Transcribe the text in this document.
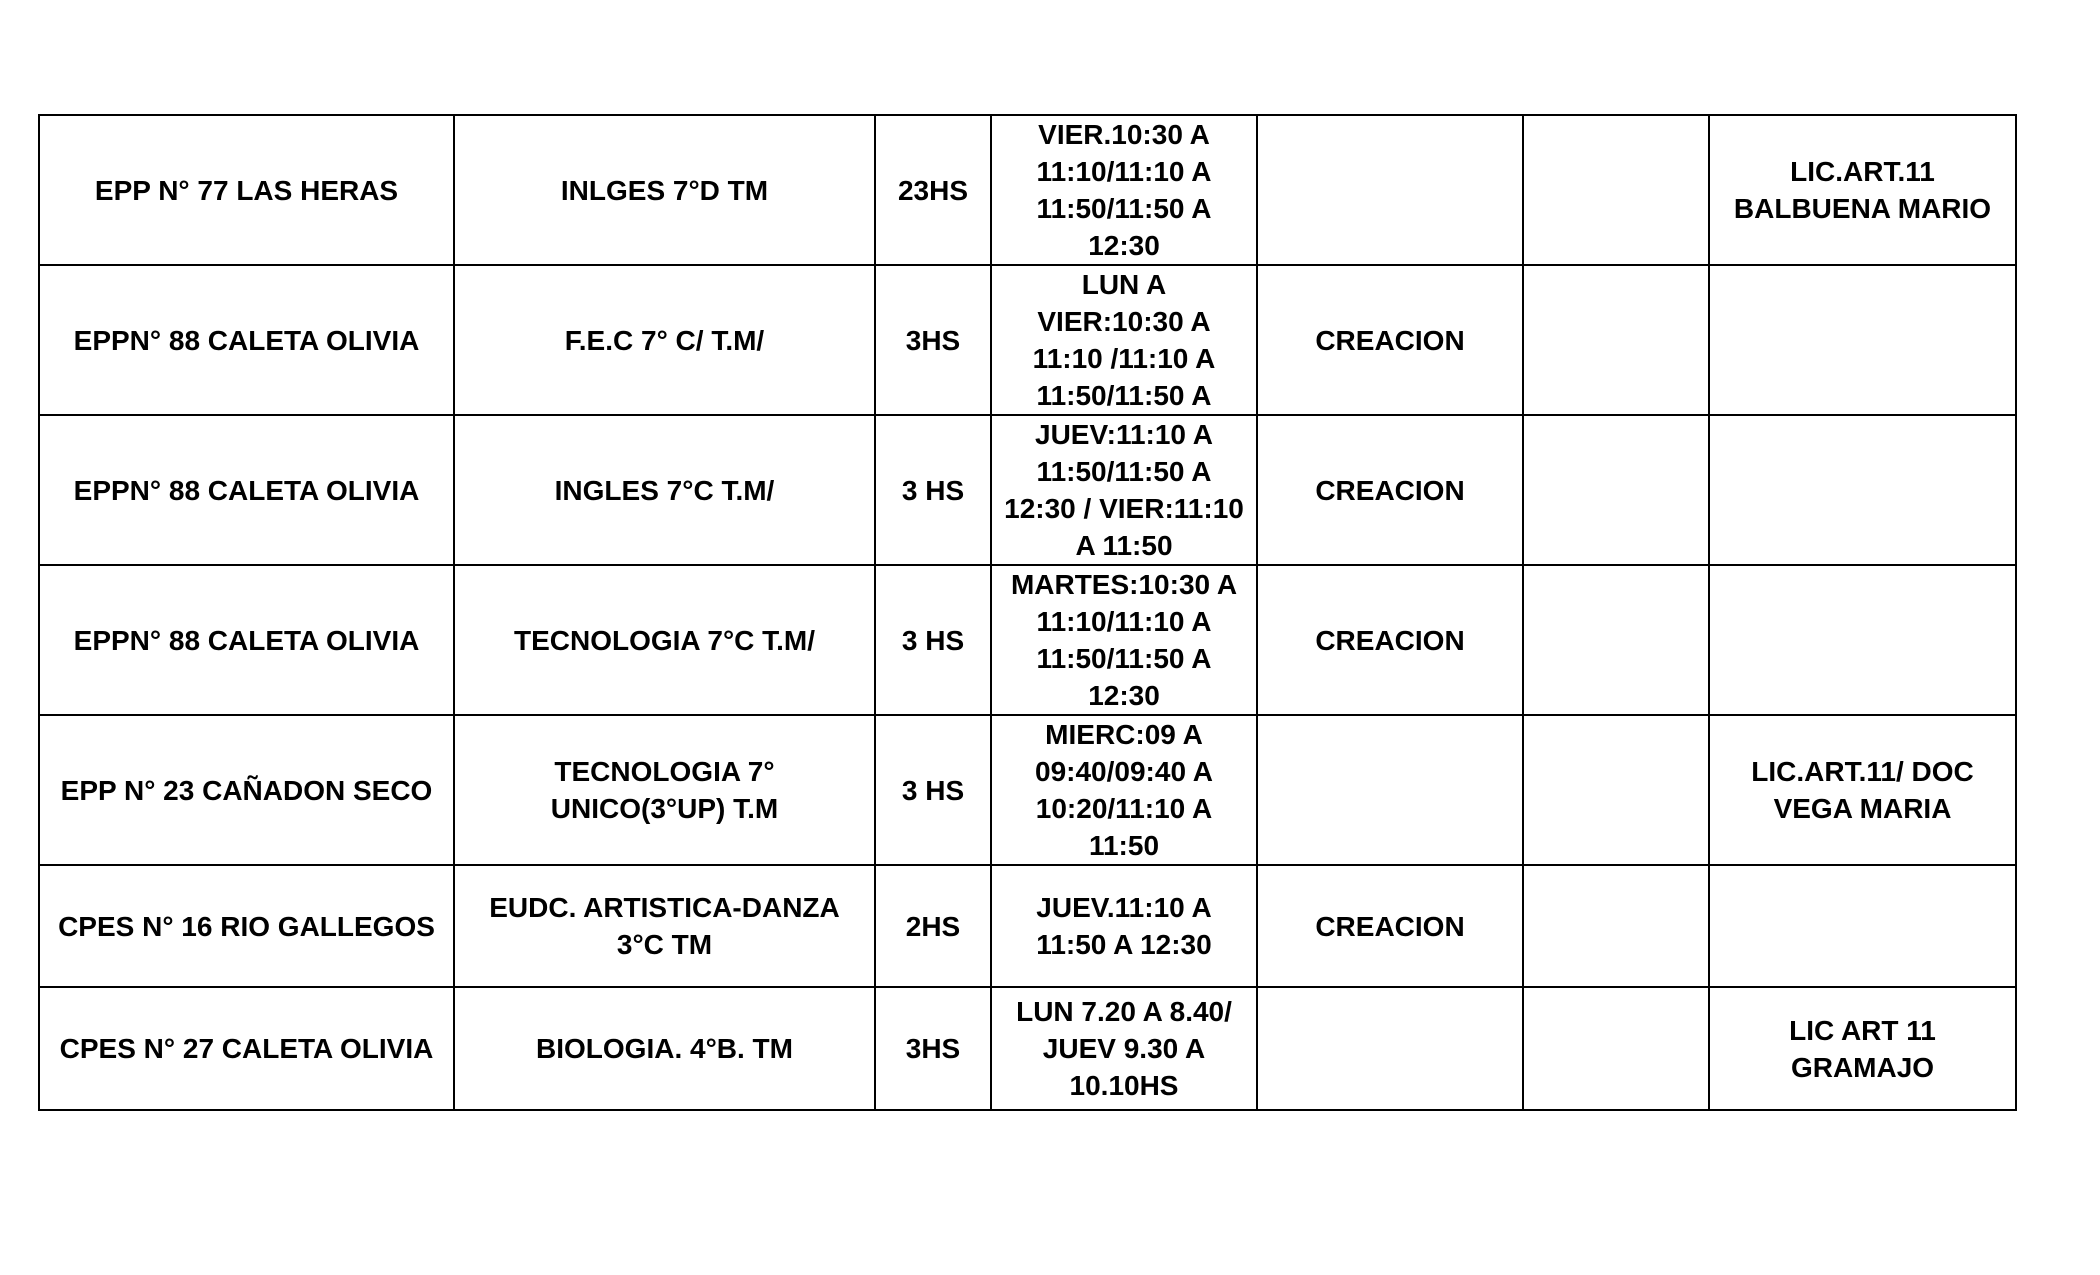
EPP N° 77 LAS HERAS	INLGES 7°D TM	23HS	VIER.10:30 A
11:10/11:10 A
11:50/11:50 A
12:30			LIC.ART.11
BALBUENA MARIO
EPPN° 88 CALETA OLIVIA	F.E.C 7° C/ T.M/	3HS	LUN A
VIER:10:30 A
11:10 /11:10 A
11:50/11:50 A	CREACION		
EPPN° 88 CALETA OLIVIA	INGLES 7°C T.M/	3 HS	JUEV:11:10 A
11:50/11:50 A
12:30 / VIER:11:10
A 11:50	CREACION		
EPPN° 88 CALETA OLIVIA	TECNOLOGIA 7°C T.M/	3 HS	MARTES:10:30 A
11:10/11:10 A
11:50/11:50 A
12:30	CREACION		
EPP N° 23 CAÑADON SECO	TECNOLOGIA 7°
UNICO(3°UP) T.M	3 HS	MIERC:09 A
09:40/09:40 A
10:20/11:10 A
11:50			LIC.ART.11/ DOC
VEGA MARIA
CPES N° 16 RIO GALLEGOS	EUDC. ARTISTICA-DANZA
3°C TM	2HS	JUEV.11:10 A
11:50 A 12:30	CREACION		
CPES N° 27 CALETA OLIVIA	BIOLOGIA. 4°B. TM	3HS	LUN 7.20 A 8.40/
JUEV 9.30 A
10.10HS			LIC ART 11
GRAMAJO
